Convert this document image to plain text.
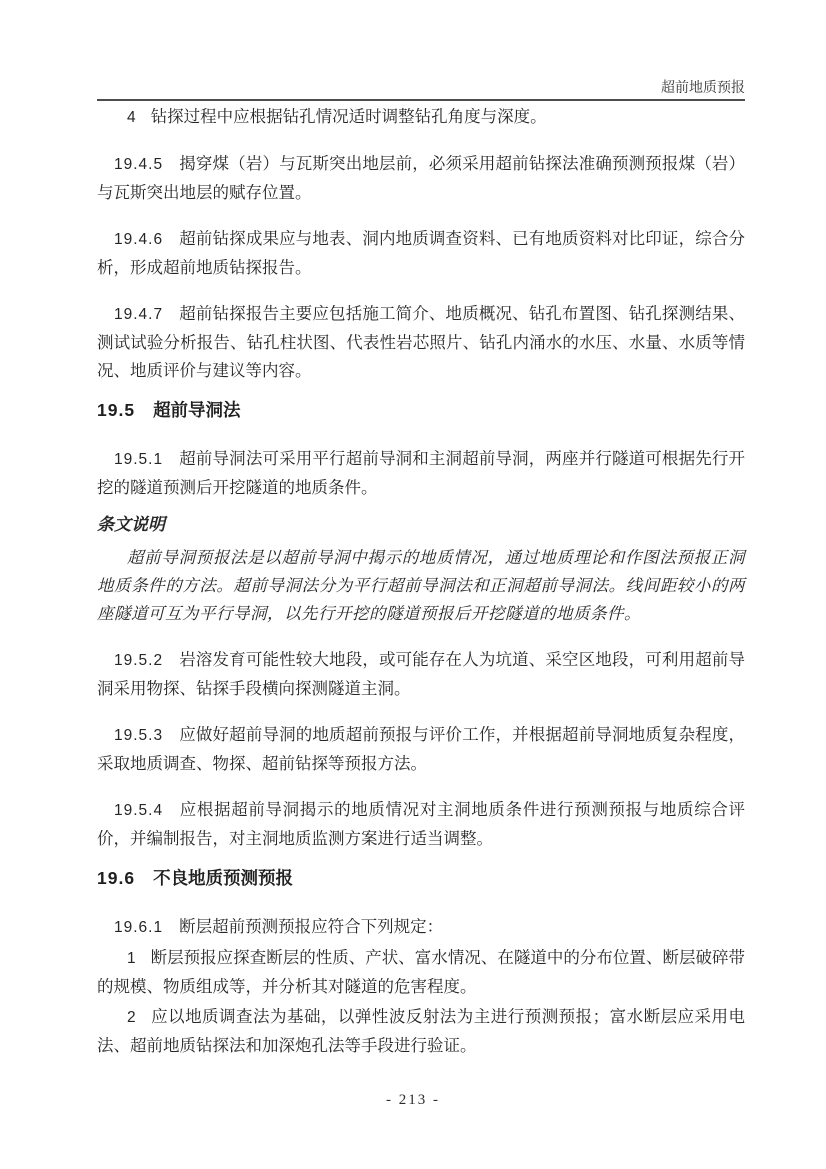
超前地质预报

4 钻探过程中应根据钻孔情况适时调整钻孔角度与深度。

19.4.5 揭穿煤（岩）与瓦斯突出地层前，必须采用超前钻探法准确预测预报煤（岩）与瓦斯突出地层的赋存位置。

19.4.6 超前钻探成果应与地表、洞内地质调查资料、已有地质资料对比印证，综合分析，形成超前地质钻探报告。

19.4.7 超前钻探报告主要应包括施工简介、地质概况、钻孔布置图、钻孔探测结果、测试试验分析报告、钻孔柱状图、代表性岩芯照片、钻孔内涌水的水压、水量、水质等情况、地质评价与建议等内容。

19.5 超前导洞法

19.5.1 超前导洞法可采用平行超前导洞和主洞超前导洞，两座并行隧道可根据先行开挖的隧道预测后开挖隧道的地质条件。

条文说明

超前导洞预报法是以超前导洞中揭示的地质情况，通过地质理论和作图法预报正洞地质条件的方法。超前导洞法分为平行超前导洞法和正洞超前导洞法。线间距较小的两座隧道可互为平行导洞，以先行开挖的隧道预报后开挖隧道的地质条件。

19.5.2 岩溶发育可能性较大地段，或可能存在人为坑道、采空区地段，可利用超前导洞采用物探、钻探手段横向探测隧道主洞。

19.5.3 应做好超前导洞的地质超前预报与评价工作，并根据超前导洞地质复杂程度，采取地质调查、物探、超前钻探等预报方法。

19.5.4 应根据超前导洞揭示的地质情况对主洞地质条件进行预测预报与地质综合评价，并编制报告，对主洞地质监测方案进行适当调整。

19.6 不良地质预测预报

19.6.1 断层超前预测预报应符合下列规定：

1 断层预报应探查断层的性质、产状、富水情况、在隧道中的分布位置、断层破碎带的规模、物质组成等，并分析其对隧道的危害程度。

2 应以地质调查法为基础，以弹性波反射法为主进行预测预报；富水断层应采用电法、超前地质钻探法和加深炮孔法等手段进行验证。

- 213 -
